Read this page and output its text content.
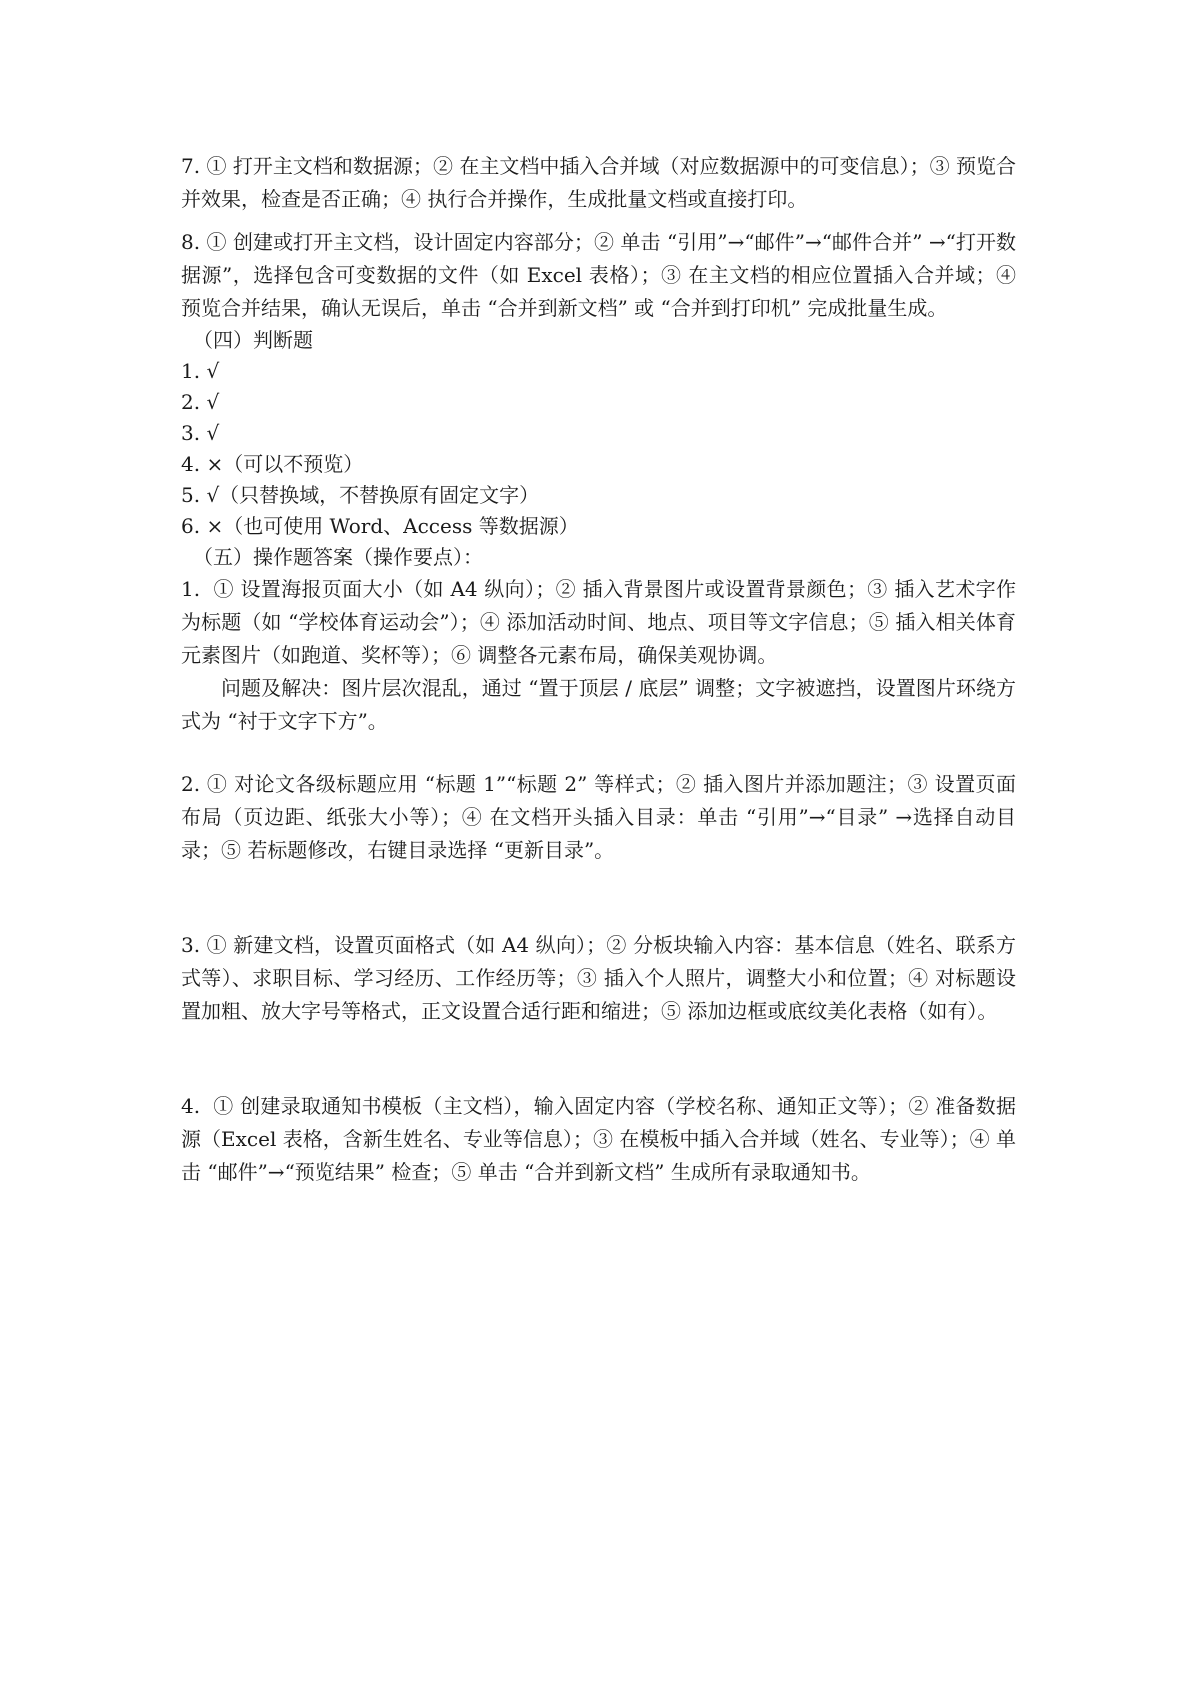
7. ① 打开主文档和数据源；② 在主文档中插入合并域（对应数据源中的可变信息）；③ 预览合并效果，检查是否正确；④ 执行合并操作，生成批量文档或直接打印。

8. ① 创建或打开主文档，设计固定内容部分；② 单击 “引用”→“邮件”→“邮件合并” →“打开数据源”，选择包含可变数据的文件（如 Excel 表格）；③ 在主文档的相应位置插入合并域；④ 预览合并结果，确认无误后，单击 “合并到新文档” 或 “合并到打印机” 完成批量生成。

（四）判断题

1. √

2. √

3. √

4. ×（可以不预览）

5. √（只替换域，不替换原有固定文字）

6. ×（也可使用 Word、Access 等数据源）

（五）操作题答案（操作要点）：

1.  ① 设置海报页面大小（如 A4 纵向）；② 插入背景图片或设置背景颜色；③ 插入艺术字作为标题（如 “学校体育运动会”）；④ 添加活动时间、地点、项目等文字信息；⑤ 插入相关体育元素图片（如跑道、奖杯等）；⑥ 调整各元素布局，确保美观协调。

问题及解决：图片层次混乱，通过 “置于顶层 / 底层” 调整；文字被遮挡，设置图片环绕方式为 “衬于文字下方”。

2. ① 对论文各级标题应用 “标题 1”“标题 2” 等样式；② 插入图片并添加题注；③ 设置页面布局（页边距、纸张大小等）；④ 在文档开头插入目录：单击 “引用”→“目录” →选择自动目录；⑤ 若标题修改，右键目录选择 “更新目录”。

3. ① 新建文档，设置页面格式（如 A4 纵向）；② 分板块输入内容：基本信息（姓名、联系方式等）、求职目标、学习经历、工作经历等；③ 插入个人照片，调整大小和位置；④ 对标题设置加粗、放大字号等格式，正文设置合适行距和缩进；⑤ 添加边框或底纹美化表格（如有）。

4.  ① 创建录取通知书模板（主文档），输入固定内容（学校名称、通知正文等）；② 准备数据源（Excel 表格，含新生姓名、专业等信息）；③ 在模板中插入合并域（姓名、专业等）；④ 单击 “邮件”→“预览结果” 检查；⑤ 单击 “合并到新文档” 生成所有录取通知书。
